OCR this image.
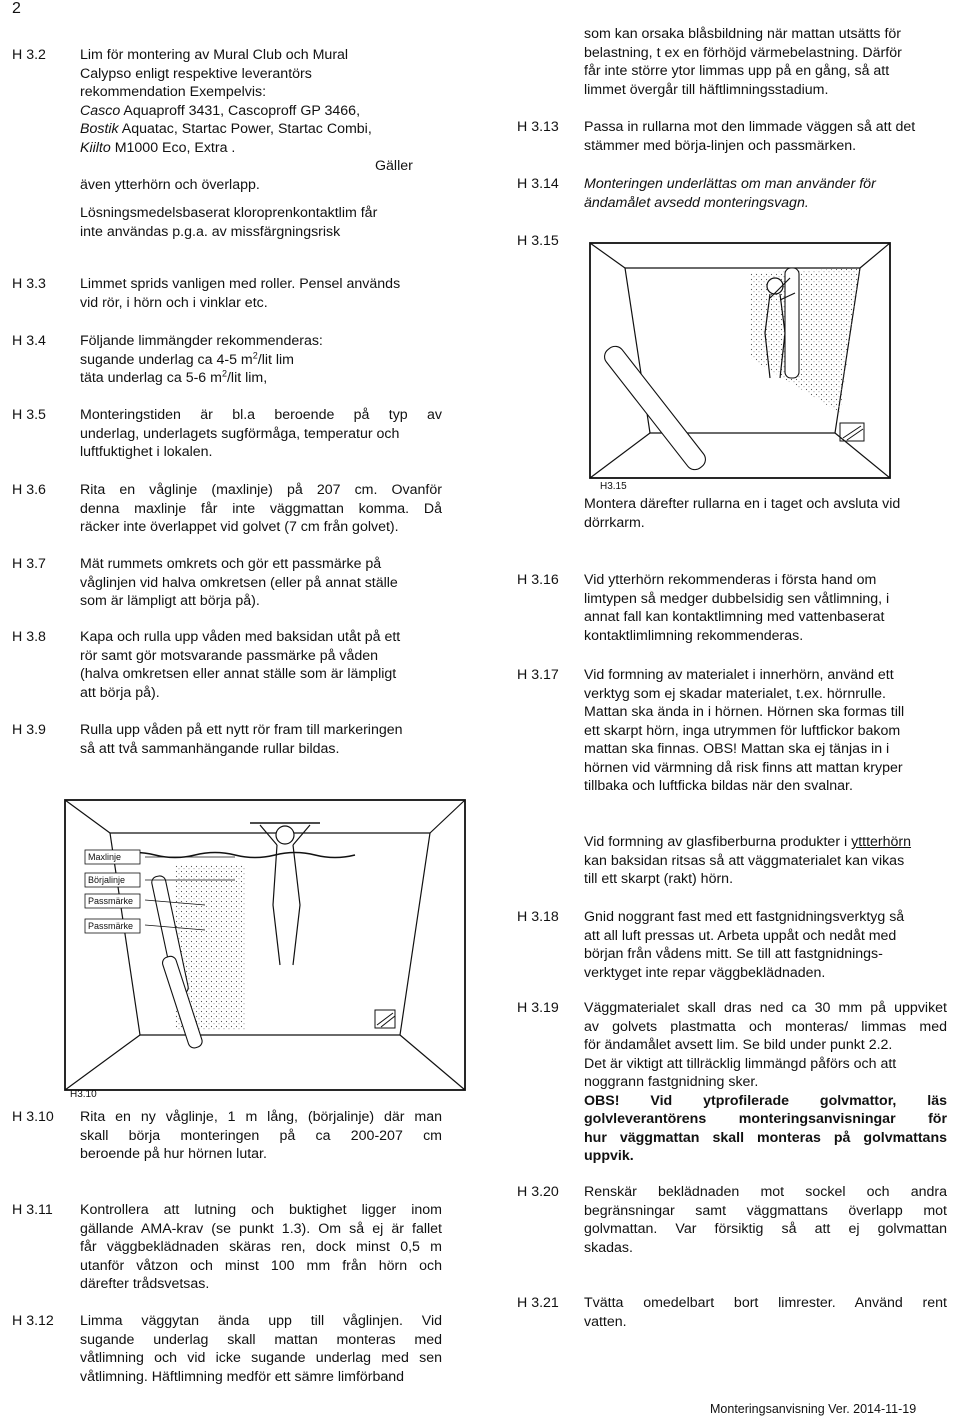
2
H 3.2 Lim för montering av Mural Club och Mural
Calypso enligt respektive leverantörs
rekommendation Exempelvis:
Casco Aquaproff 3431, Cascoproff GP 3466,
Bostik Aquatac, Startac Power, Startac Combi,
Kiilto M1000 Eco, Extra .
Gäller
även ytterhörn och överlapp.
Lösningsmedelsbaserat kloroprenkontaktlim får
inte användas p.g.a. av missfärgningsrisk
H 3.3 Limmet sprids vanligen med roller. Pensel används
vid rör, i hörn och i vinklar etc.
H 3.4 Följande limmängder rekommenderas:
sugande underlag ca 4-5 $m^2$/lit lim
täta underlag ca 5-6 $m^2$/lit lim,
H 3.5 Monteringstiden är bl.a beroende på typ av
underlag, underlagets sugförmåga, temperatur och
luftfuktighet i lokalen.
H 3.6 Rita en våglinje (maxlinje) på 207 cm. Ovanför
denna maxlinje får inte väggmattan komma. Då
räcker inte överlappet vid golvet (7 cm från golvet).
H 3.7 Mät rummets omkrets och gör ett passmärke på
våglinjen vid halva omkretsen (eller på annat ställe
som är lämpligt att börja på).
H 3.8 Kapa och rulla upp våden med baksidan utåt på ett
rör samt gör motsvarande passmärke på våden
(halva omkretsen eller annat ställe som är lämpligt
att börja på).
H 3.9 Rulla upp våden på ett nytt rör fram till markeringen
så att två sammanhängande rullar bildas.
Maxlinje
Börjalinje
Passmärke
Passmärke
H3.10
H 3.10 Rita en ny våglinje, 1 m lång, (börjalinje) där man
skall börja monteringen på ca 200-207 cm
beroende på hur hörnen lutar.
H 3.11 Kontrollera att lutning och buktighet ligger inom
gällande AMA-krav (se punkt 1.3). Om så ej är fallet
får väggbeklädnaden skäras ren, dock minst 0,5 m
utanför våtzon och minst 100 mm från hörn och
därefter trådsvetsas.
H 3.12 Limma väggytan ända upp till våglinjen. Vid
sugande underlag skall mattan monteras med
våtlimning och vid icke sugande underlag med sen
våtlimning. Häftlimning medför ett sämre limförband
som kan orsaka blåsbildning när mattan utsätts för
belastning, t ex en förhöjd värmebelastning. Därför
får inte större ytor limmas upp på en gång, så att
limmet övergår till häftlimningsstadium.
H 3.13 Passa in rullarna mot den limmade väggen så att det
stämmer med börja-linjen och passmärken.
H 3.14 Monteringen underlättas om man använder för
ändamålet avsedd monteringsvagn.
H 3.15
H3.15
Montera därefter rullarna en i taget och avsluta vid
dörrkarm.
H 3.16 Vid ytterhörn rekommenderas i första hand om
limtypen så medger dubbelsidig sen våtlimning, i
annat fall kan kontaktlimning med vattenbaserat
kontaktlimlimning rekommenderas.
H 3.17 Vid formning av materialet i innerhörn, använd ett
verktyg som ej skadar materialet, t.ex. hörnrulle.
Mattan ska ända in i hörnen. Hörnen ska formas till
ett skarpt hörn, inga utrymmen för luftfickor bakom
mattan ska finnas. OBS! Mattan ska ej tänjas in i
hörnen vid värmning då risk finns att mattan kryper
tillbaka och luftficka bildas när den svalnar.
Vid formning av glasfiberburna produkter i yttterhörn
kan baksidan ritsas så att väggmaterialet kan vikas
till ett skarpt (rakt) hörn.
H 3.18 Gnid noggrant fast med ett fastgnidningsverktyg så
att all luft pressas ut. Arbeta uppåt och nedåt med
början från vådens mitt. Se till att fastgnidnings-
verktyget inte repar väggbeklädnaden.
H 3.19 Väggmaterialet skall dras ned ca 30 mm på uppviket
av golvets plastmatta och monteras/ limmas med
för ändamålet avsett lim. Se bild under punkt 2.2.
Det är viktigt att tillräcklig limmängd påförs och att
noggrann fastgnidning sker.
OBS! Vid ytprofilerade golvmattor, läs
golvleverantörens monteringsanvisningar för
hur väggmattan skall monteras på golvmattans
uppvik.
H 3.20 Renskär beklädnaden mot sockel och andra
begränsningar samt väggmattans överlapp mot
golvmattan. Var försiktig så att ej golvmattan
skadas.
H 3.21 Tvätta omedelbart bort limrester. Använd rent
vatten.
Monteringsanvisning Ver. 2014-11-19
